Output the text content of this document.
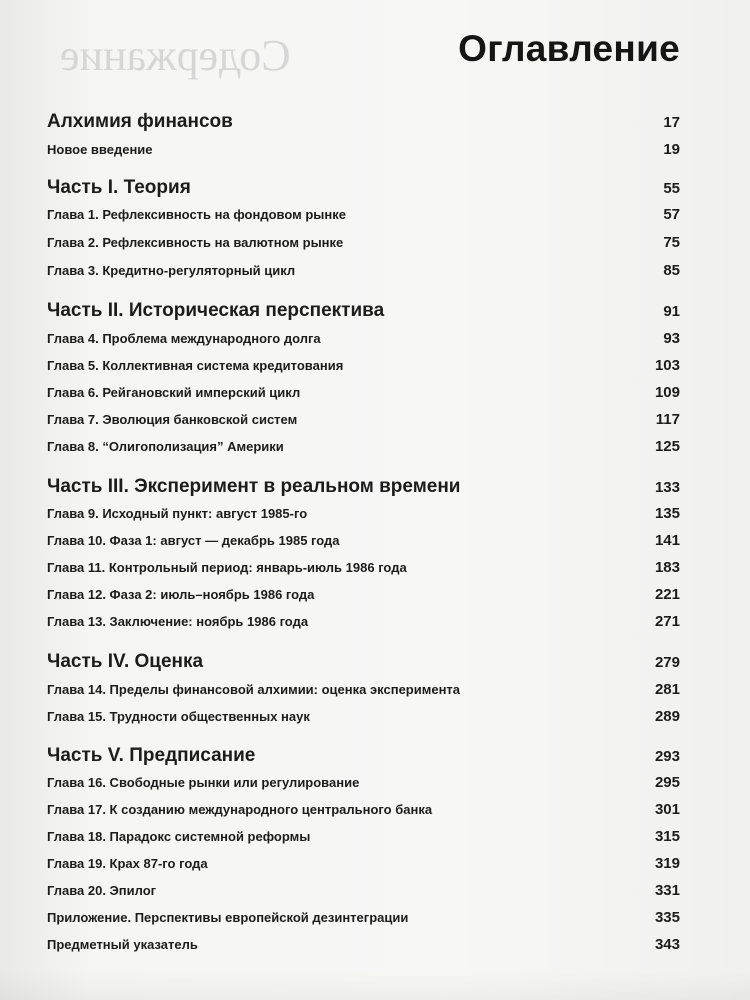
Содержание	Оглавление
Алхимия финансов	17
Новое введение	19
Часть I. Теория	55
Глава 1. Рефлексивность на фондовом рынке	57
Глава 2. Рефлексивность на валютном рынке	75
Глава 3. Кредитно-регуляторный цикл	85
Часть II. Историческая перспектива	91
Глава 4. Проблема международного долга	93
Глава 5. Коллективная система кредитования	103
Глава 6. Рейгановский имперский цикл	109
Глава 7. Эволюция банковской систем	117
Глава 8. “Олигополизация” Америки	125
Часть III. Эксперимент в реальном времени	133
Глава 9. Исходный пункт: август 1985-го	135
Глава 10. Фаза 1: август — декабрь 1985 года	141
Глава 11. Контрольный период: январь-июль 1986 года	183
Глава 12. Фаза 2: июль–ноябрь 1986 года	221
Глава 13. Заключение: ноябрь 1986 года	271
Часть IV. Оценка	279
Глава 14. Пределы финансовой алхимии: оценка эксперимента	281
Глава 15. Трудности общественных наук	289
Часть V. Предписание	293
Глава 16. Свободные рынки или регулирование	295
Глава 17. К созданию международного центрального банка	301
Глава 18. Парадокс системной реформы	315
Глава 19. Крах 87-го года	319
Глава 20. Эпилог	331
Приложение. Перспективы европейской дезинтеграции	335
Предметный указатель	343
